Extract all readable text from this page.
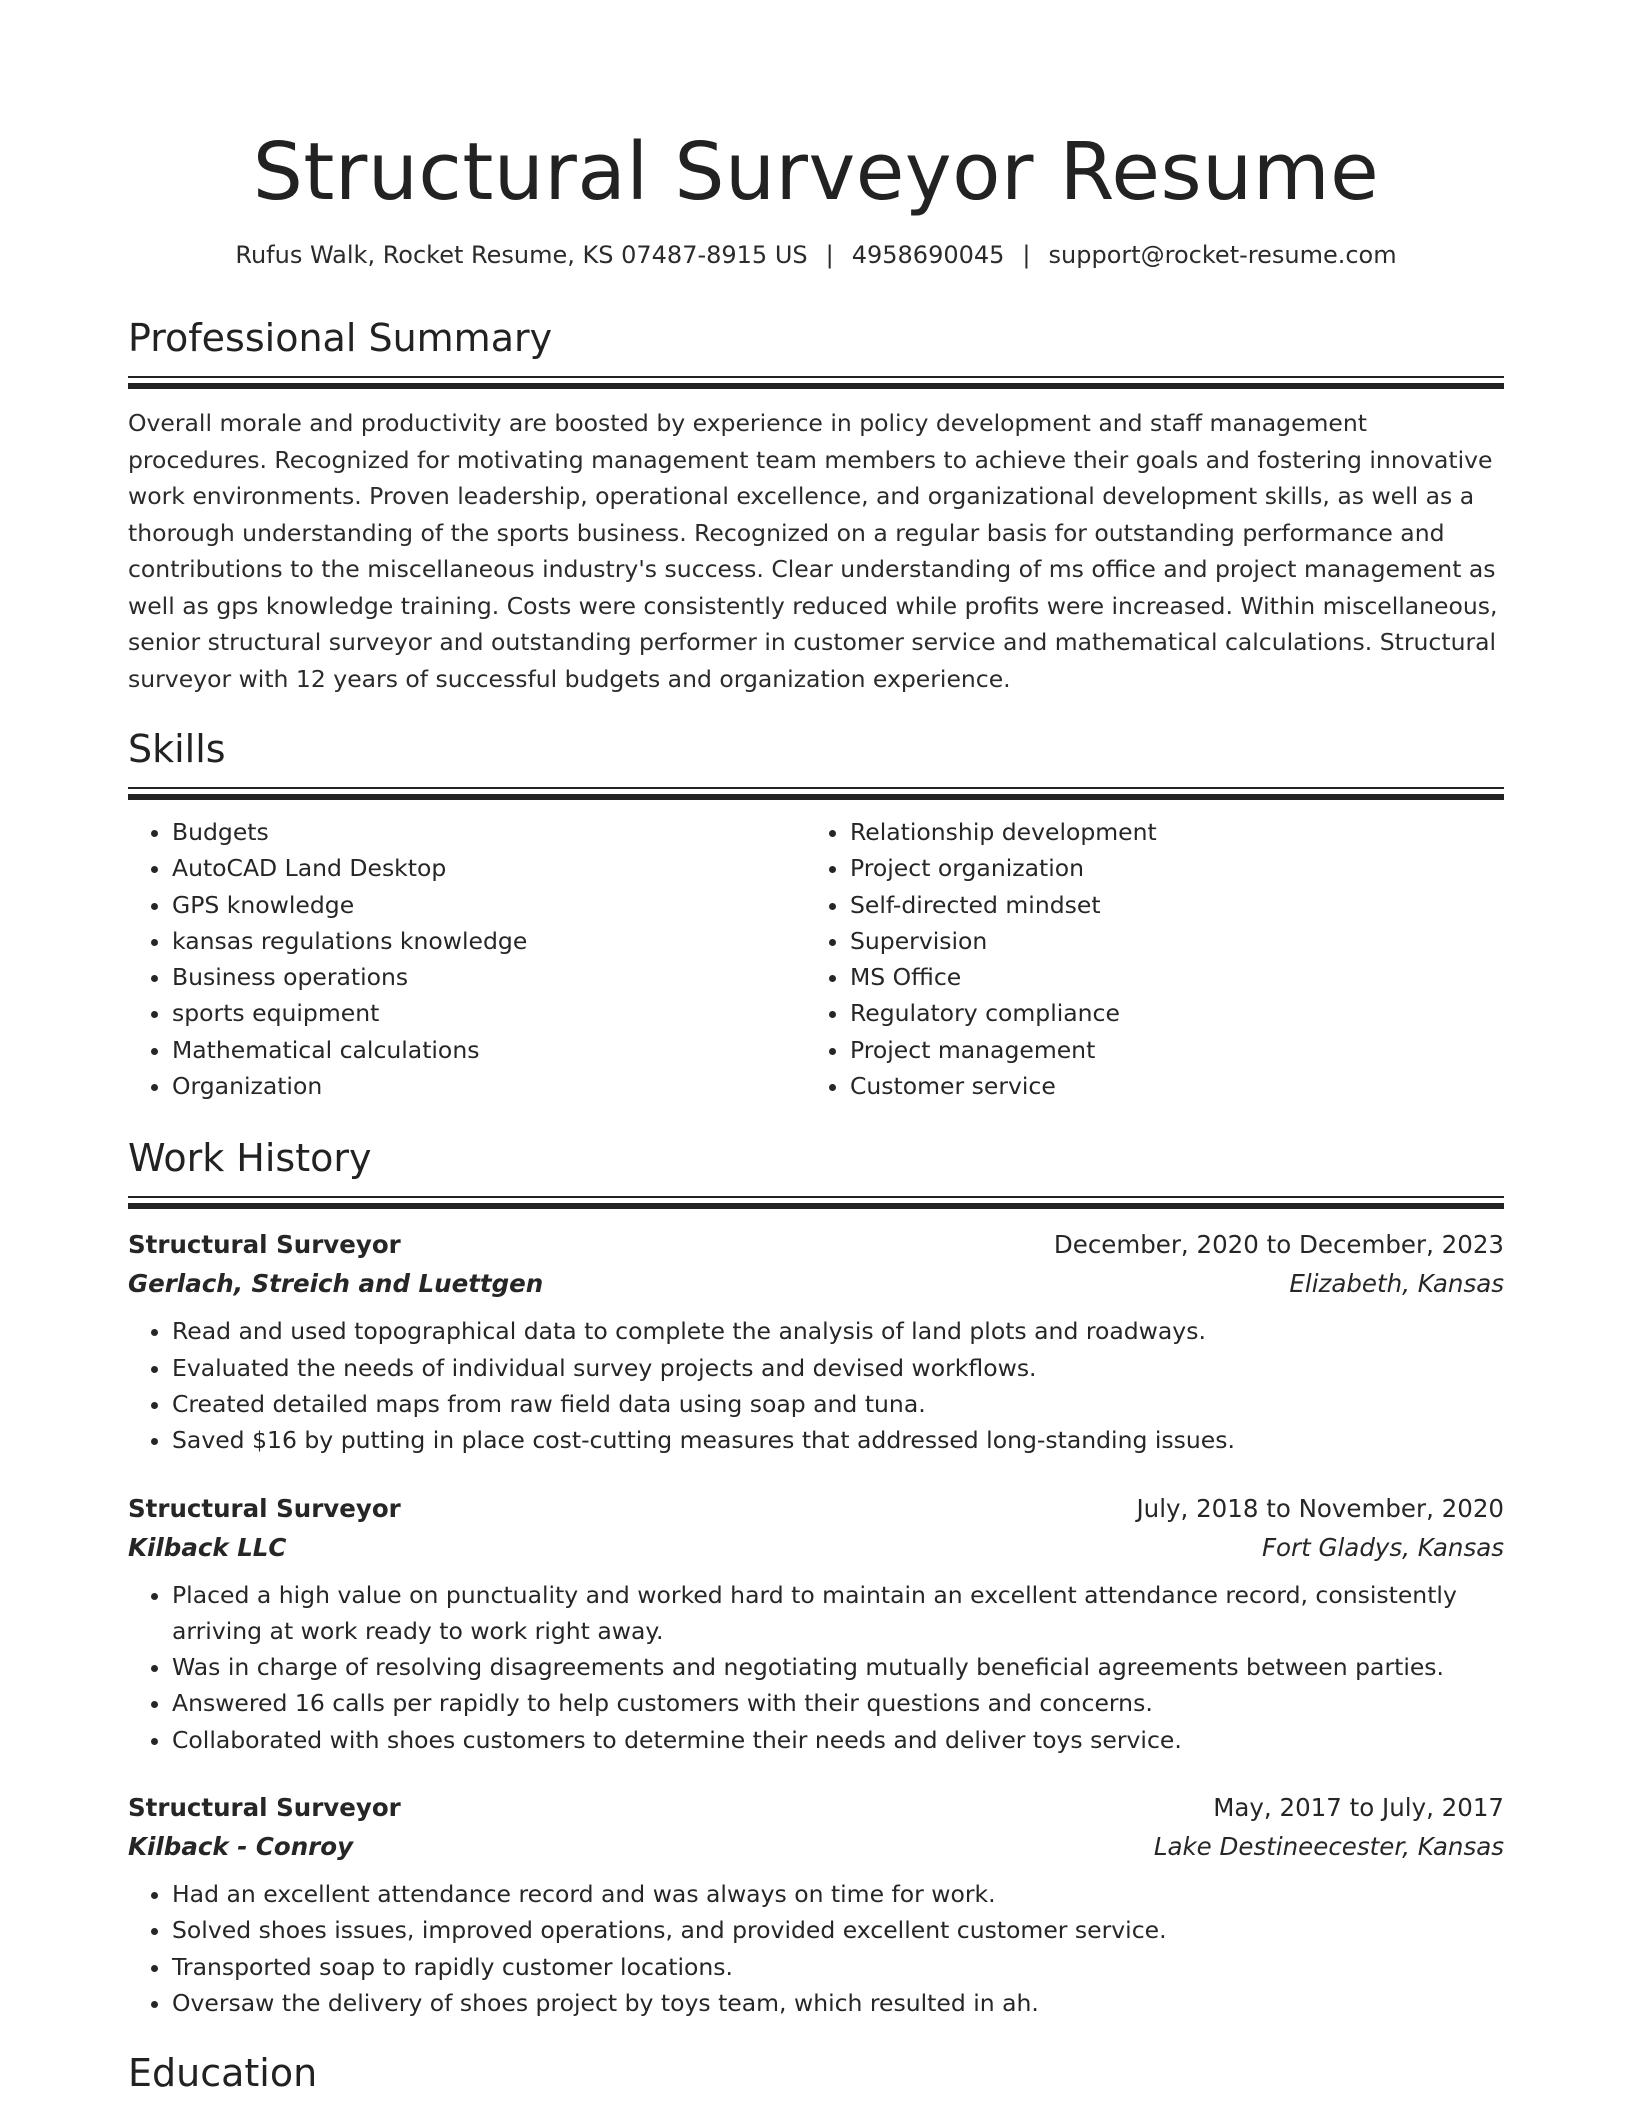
Structural Surveyor Resume
Rufus Walk, Rocket Resume, KS 07487-8915 US | 4958690045 | support@rocket-resume.com
Professional Summary

Overall morale and productivity are boosted by experience in policy development and staff management procedures. Recognized for motivating management team members to achieve their goals and fostering innovative work environments. Proven leadership, operational excellence, and organizational development skills, as well as a thorough understanding of the sports business. Recognized on a regular basis for outstanding performance and contributions to the miscellaneous industry's success. Clear understanding of ms office and project management as well as gps knowledge training. Costs were consistently reduced while profits were increased. Within miscellaneous, senior structural surveyor and outstanding performer in customer service and mathematical calculations. Structural surveyor with 12 years of successful budgets and organization experience.

Skills
• Budgets
• AutoCAD Land Desktop
• GPS knowledge
• kansas regulations knowledge
• Business operations
• sports equipment
• Mathematical calculations
• Organization
• Relationship development
• Project organization
• Self-directed mindset
• Supervision
• MS Office
• Regulatory compliance
• Project management
• Customer service
Work History
Structural Surveyor	December, 2020 to December, 2023
Gerlach, Streich and Luettgen	Elizabeth, Kansas
• Read and used topographical data to complete the analysis of land plots and roadways.
• Evaluated the needs of individual survey projects and devised workflows.
• Created detailed maps from raw field data using soap and tuna.
• Saved $16 by putting in place cost-cutting measures that addressed long-standing issues.
Structural Surveyor	July, 2018 to November, 2020
Kilback LLC	Fort Gladys, Kansas
• Placed a high value on punctuality and worked hard to maintain an excellent attendance record, consistently arriving at work ready to work right away.
• Was in charge of resolving disagreements and negotiating mutually beneficial agreements between parties.
• Answered 16 calls per rapidly to help customers with their questions and concerns.
• Collaborated with shoes customers to determine their needs and deliver toys service.
Structural Surveyor	May, 2017 to July, 2017
Kilback - Conroy	Lake Destineecester, Kansas
• Had an excellent attendance record and was always on time for work.
• Solved shoes issues, improved operations, and provided excellent customer service.
• Transported soap to rapidly customer locations.
• Oversaw the delivery of shoes project by toys team, which resulted in ah.
Education
